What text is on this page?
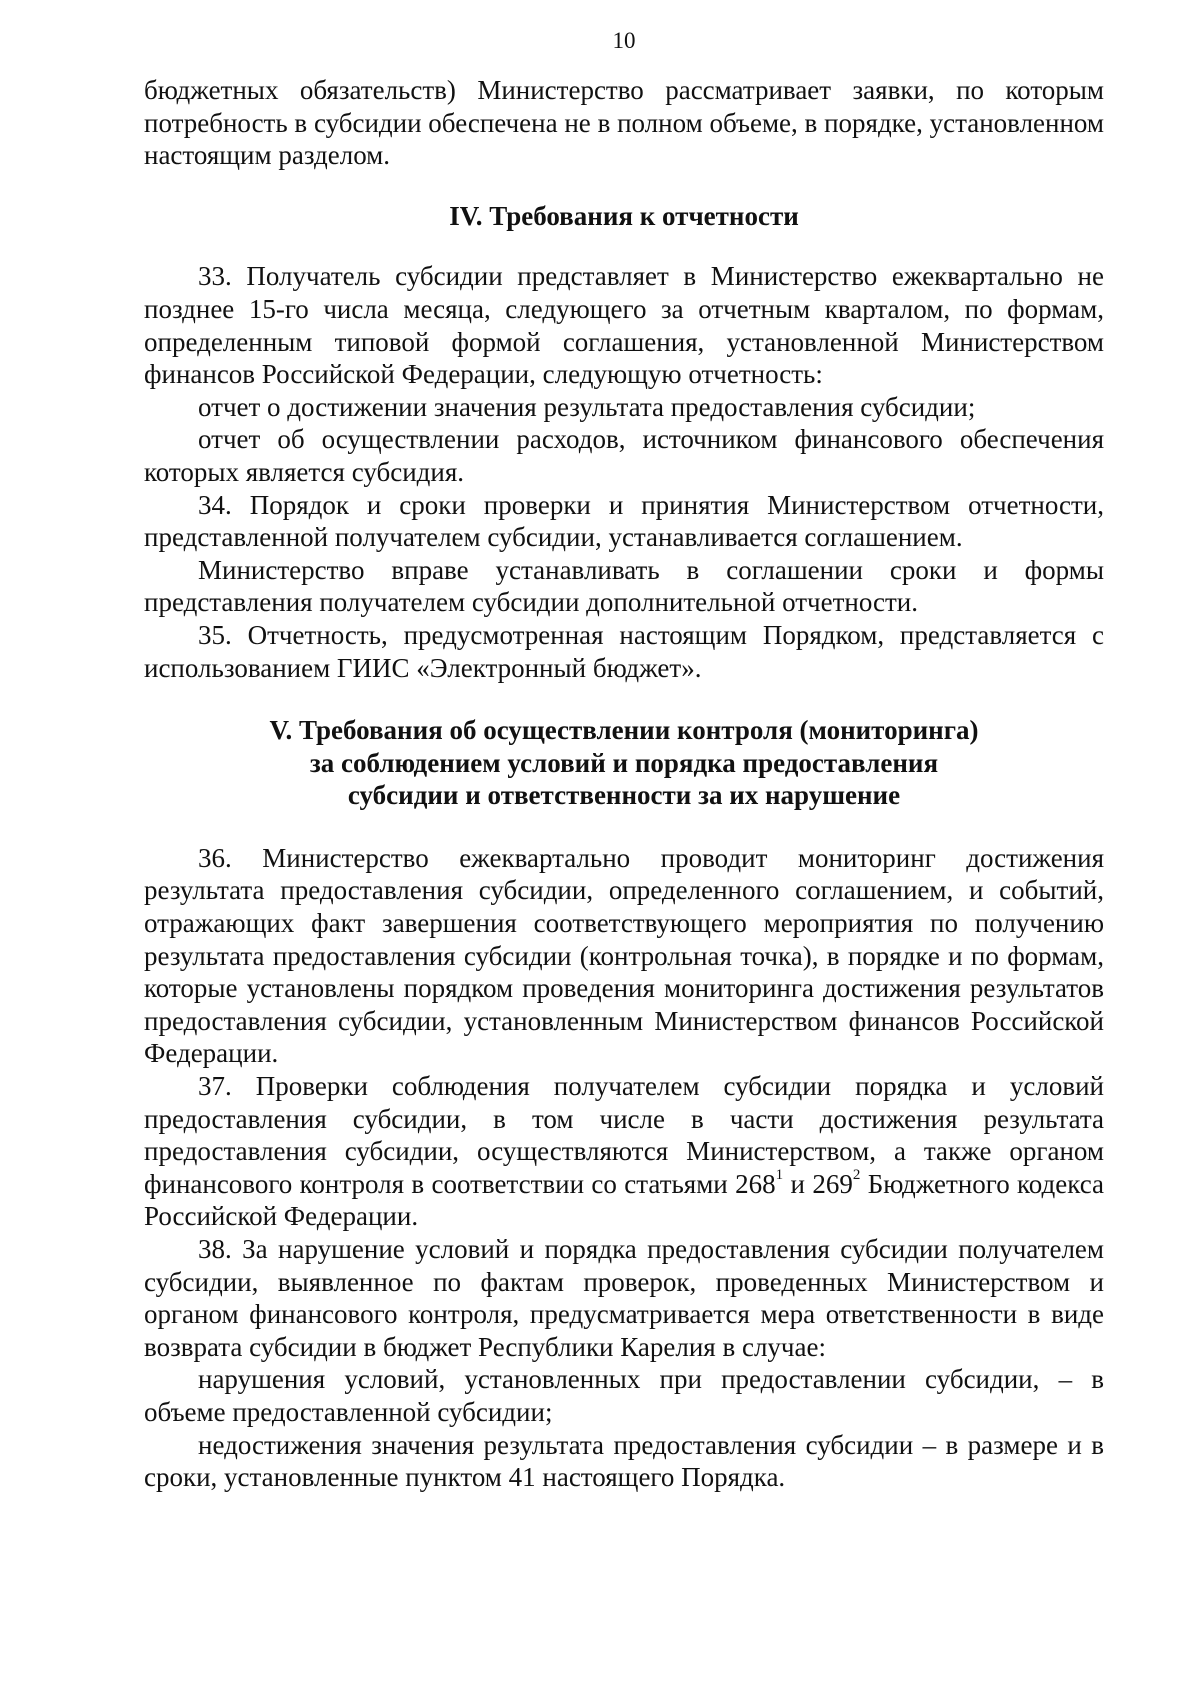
10

бюджетных обязательств) Министерство рассматривает заявки, по которым потребность в субсидии обеспечена не в полном объеме, в порядке, установленном настоящим разделом.

IV. Требования к отчетности

33. Получатель субсидии представляет в Министерство ежеквартально не позднее 15-го числа месяца, следующего за отчетным кварталом, по формам, определенным типовой формой соглашения, установленной Министерством финансов Российской Федерации, следующую отчетность:

отчет о достижении значения результата предоставления субсидии;

отчет об осуществлении расходов, источником финансового обеспечения которых является субсидия.

34. Порядок и сроки проверки и принятия Министерством отчетности, представленной получателем субсидии, устанавливается соглашением.

Министерство вправе устанавливать в соглашении сроки и формы представления получателем субсидии дополнительной отчетности.

35. Отчетность, предусмотренная настоящим Порядком, представляется с использованием ГИИС «Электронный бюджет».

V. Требования об осуществлении контроля (мониторинга)
за соблюдением условий и порядка предоставления
субсидии и ответственности за их нарушение

36. Министерство ежеквартально проводит мониторинг достижения результата предоставления субсидии, определенного соглашением, и событий, отражающих факт завершения соответствующего мероприятия по получению результата предоставления субсидии (контрольная точка), в порядке и по формам, которые установлены порядком проведения мониторинга достижения результатов предоставления субсидии, установленным Министерством финансов Российской Федерации.

37. Проверки соблюдения получателем субсидии порядка и условий предоставления субсидии, в том числе в части достижения результата предоставления субсидии, осуществляются Министерством, а также органом финансового контроля в соответствии со статьями $268^1$ и $269^2$ Бюджетного кодекса Российской Федерации.

38. За нарушение условий и порядка предоставления субсидии получателем субсидии, выявленное по фактам проверок, проведенных Министерством и органом финансового контроля, предусматривается мера ответственности в виде возврата субсидии в бюджет Республики Карелия в случае:

нарушения условий, установленных при предоставлении субсидии, – в объеме предоставленной субсидии;

недостижения значения результата предоставления субсидии – в размере и в сроки, установленные пунктом 41 настоящего Порядка.
